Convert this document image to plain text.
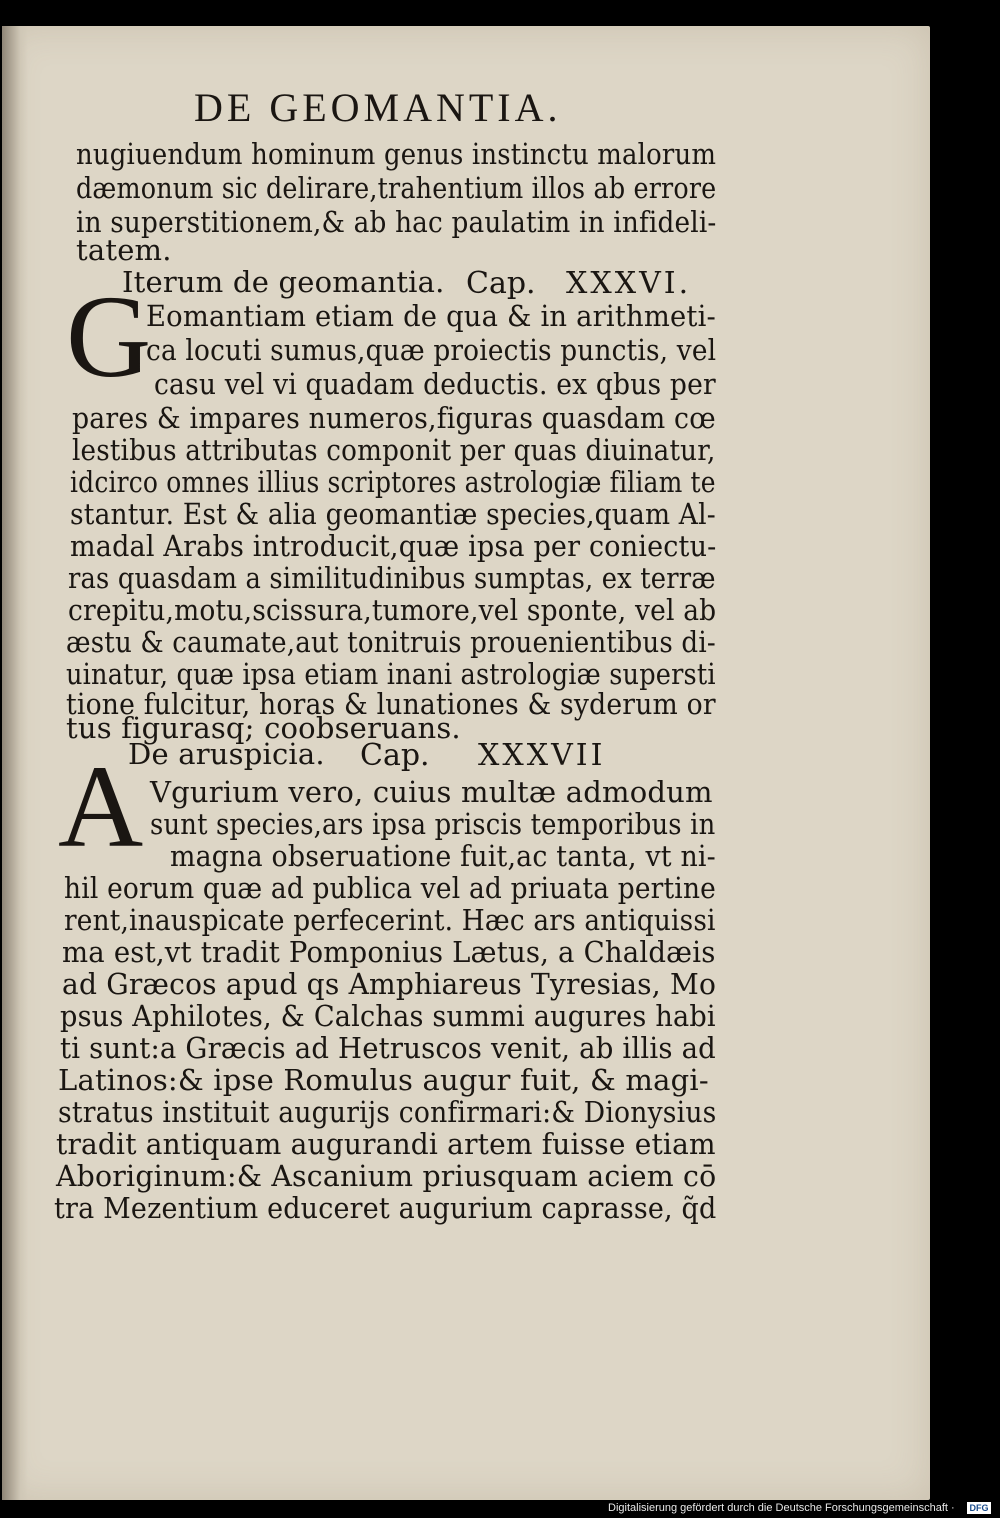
DE GEOMANTIA.
nugiuendum hominum genus instinctu malorum
dæmonum sic delirare,trahentium illos ab errore
in superstitionem,& ab hac paulatim in infideli-
tatem.
Iterum de geomantia. Cap. XXXVI.
G
Eomantiam etiam de qua & in arithmeti-
ca locuti sumus,quæ proiectis punctis, vel
casu vel vi quadam deductis. ex qbus per
pares & impares numeros,figuras quasdam cœ
lestibus attributas componit per quas diuinatur,
idcirco omnes illius scriptores astrologiæ filiam te
stantur. Est & alia geomantiæ species,quam Al-
madal Arabs introducit,quæ ipsa per coniectu-
ras quasdam a similitudinibus sumptas, ex terræ
crepitu,motu,scissura,tumore,vel sponte, vel ab
æstu & caumate,aut tonitruis prouenientibus di-
uinatur, quæ ipsa etiam inani astrologiæ supersti
tione fulcitur, horas & lunationes & syderum or
tus figurasq; coobseruans.
De aruspicia. Cap. XXXVII
A Vgurium vero, cuius multæ admodum
sunt species,ars ipsa priscis temporibus in
magna obseruatione fuit,ac tanta, vt ni-
hil eorum quæ ad publica vel ad priuata pertine
rent,inauspicate perfecerint. Hæc ars antiquissi
ma est,vt tradit Pomponius Lætus, a Chaldæis
ad Græcos apud qs Amphiareus Tyresias, Mo
psus Aphilotes, & Calchas summi augures habi
ti sunt:a Græcis ad Hetruscos venit, ab illis ad
Latinos:& ipse Romulus augur fuit, & magi-
stratus instituit augurijs confirmari:& Dionysius
tradit antiquam augurandi artem fuisse etiam
Aboriginum:& Ascanium priusquam aciem cō
tra Mezentium educeret augurium caprasse, q̃d
Digitalisierung gefördert durch die Deutsche Forschungsgemeinschaft · DFG
